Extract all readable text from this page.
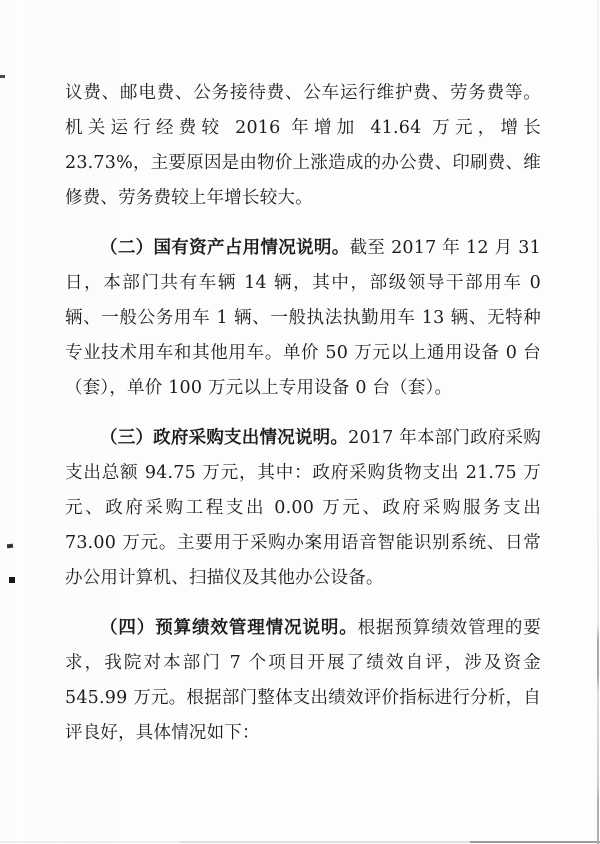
议费、邮电费、公务接待费、公车运行维护费、劳务费等。机关运行经费较 2016 年增加 41.64 万元，增长 23.73%，主要原因是由物价上涨造成的办公费、印刷费、维修费、劳务费较上年增长较大。

（二）国有资产占用情况说明。截至 2017 年 12 月 31 日，本部门共有车辆 14 辆，其中，部级领导干部用车 0 辆、一般公务用车 1 辆、一般执法执勤用车 13 辆、无特种专业技术用车和其他用车。单价 50 万元以上通用设备 0 台（套），单价 100 万元以上专用设备 0 台（套）。

（三）政府采购支出情况说明。2017 年本部门政府采购支出总额 94.75 万元，其中：政府采购货物支出 21.75 万元、政府采购工程支出 0.00 万元、政府采购服务支出 73.00 万元。主要用于采购办案用语音智能识别系统、日常办公用计算机、扫描仪及其他办公设备。

（四）预算绩效管理情况说明。根据预算绩效管理的要求，我院对本部门 7 个项目开展了绩效自评，涉及资金 545.99 万元。根据部门整体支出绩效评价指标进行分析，自评良好，具体情况如下：
